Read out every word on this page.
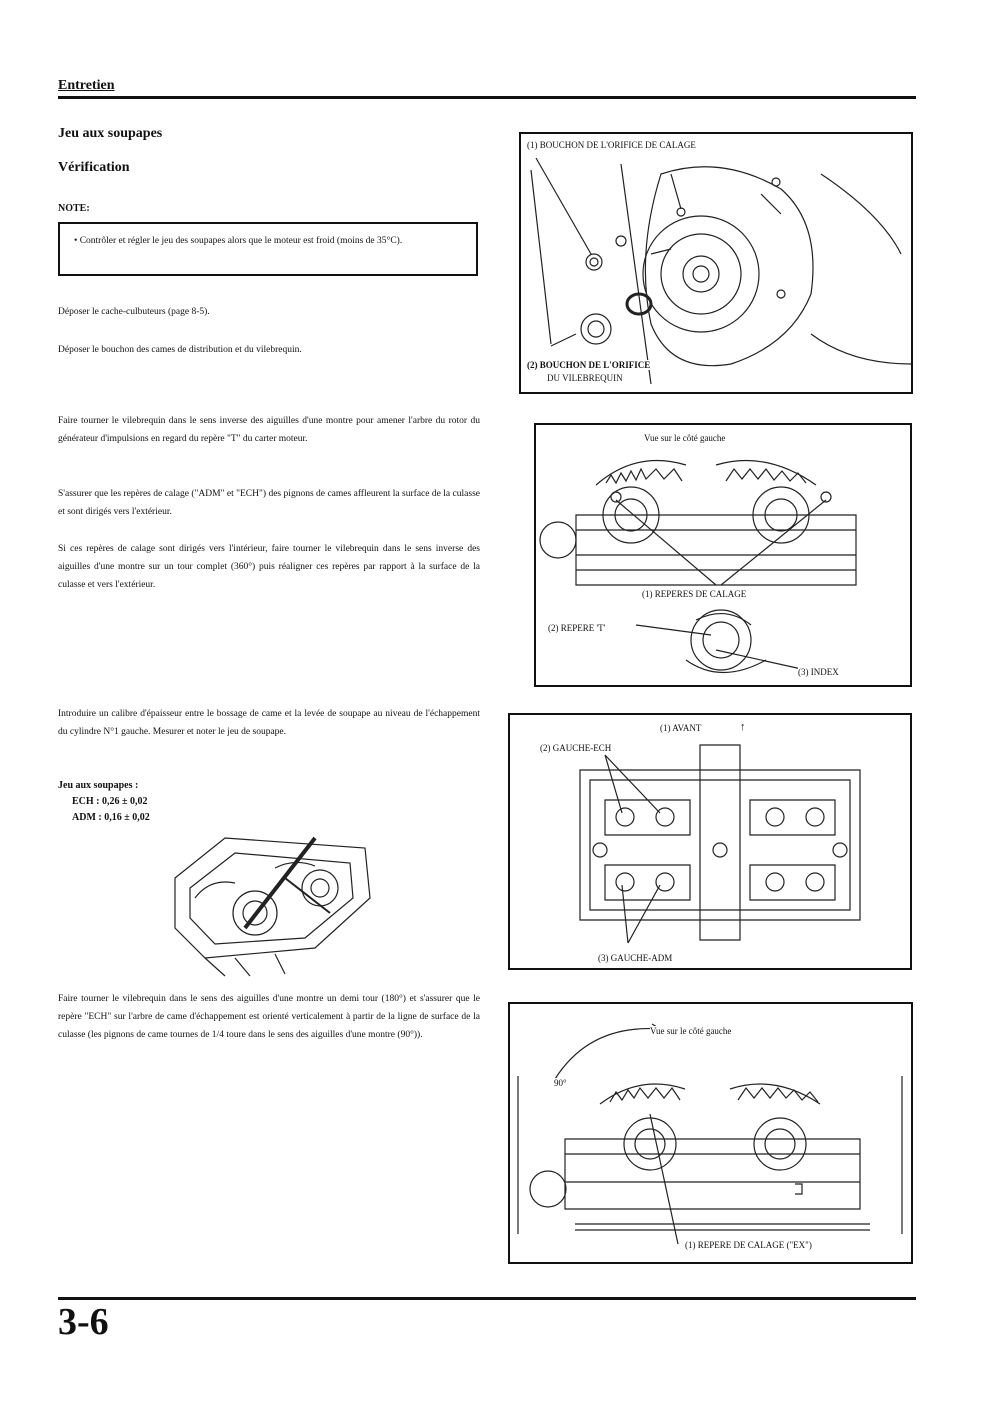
Entretien
Jeu aux soupapes
Vérification
NOTE:
• Contrôler et régler le jeu des soupapes alors que le moteur est froid (moins de 35°C).
Déposer le cache-culbuteurs (page 8-5).
Déposer le bouchon des cames de distribution et du vilebrequin.
Faire tourner le vilebrequin dans le sens inverse des aiguilles d'une montre pour amener l'arbre du rotor du générateur d'impulsions en regard du repère "T" du carter moteur.
S'assurer que les repères de calage ("ADM" et "ECH") des pignons de cames affleurent la surface de la culasse et sont dirigés vers l'extérieur.
Si ces repères de calage sont dirigés vers l'intérieur, faire tourner le vilebrequin dans le sens inverse des aiguilles d'une montre sur un tour complet (360°) puis réaligner ces repères par rapport à la surface de la culasse et vers l'extérieur.
Introduire un calibre d'épaisseur entre le bossage de came et la levée de soupape au niveau de l'échappement du cylindre N°1 gauche. Mesurer et noter le jeu de soupape.
Jeu aux soupapes :
ECH : 0,26 ± 0,02
ADM : 0,16 ± 0,02
Faire tourner le vilebrequin dans le sens des aiguilles d'une montre un demi tour (180°) et s'assurer que le repère "ECH" sur l'arbre de came d'échappement est orienté verticalement à partir de la ligne de surface de la culasse (les pignons de came tournes de 1/4 toure dans le sens des aiguilles d'une montre (90°)).
(1) BOUCHON DE L'ORIFICE DE CALAGE
(2) BOUCHON DE L'ORIFICE
DU VILEBREQUIN
Vue sur le côté gauche
(1) REPERES DE CALAGE
(2) REPERE 'T'
(3) INDEX
(1) AVANT	↑
(2) GAUCHE-ECH
(3) GAUCHE-ADM
Vue sur le côté gauche
90°
(1) REPERE DE CALAGE ("EX")
3-6
